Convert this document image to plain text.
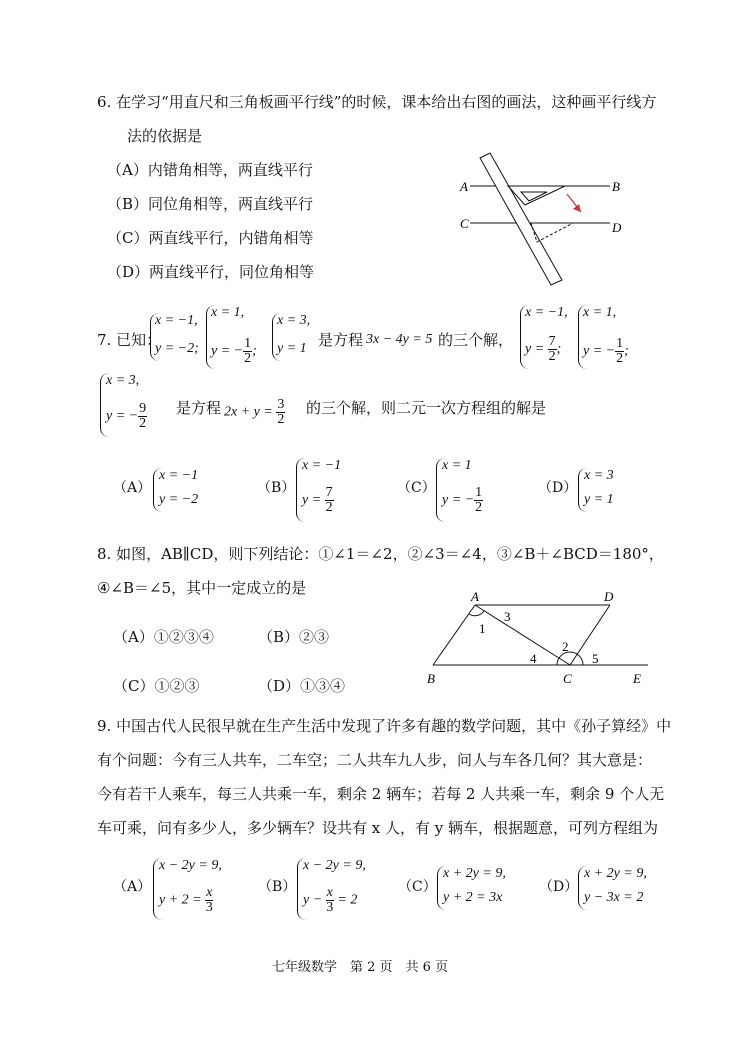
6. 在学习“用直尺和三角板画平行线”的时候，课本给出右图的画法，这种画平行线方
法的依据是
（A）内错角相等，两直线平行
（B）同位角相等，两直线平行
（C）两直线平行，内错角相等
（D）两直线平行，同位角相等
A	B
C	D
7. 已知：
x = −1,
y = −2;
x = 1,
y = − $\frac{1}{2}$ ;
x = 3,
y = 1 是方程 3x − 4y = 5 的三个解，
x = −1,
$y = \frac{7}{2}$ ;
x = 1,
y = − $\frac{1}{2}$ ;
x = 3,
y = − $\frac{9}{2}$ 是方程 $2x + y = \frac{3}{2}$ 的三个解，则二元一次方程组的解是
（A）
x = −1
y = −2
（B）
x = −1
$y = \frac{7}{2}$	（C）
x = 1
y = − $\frac{1}{2}$	（D）
x = 3
y = 1
8. 如图，AB∥CD，则下列结论：①∠1＝∠2，②∠3＝∠4，③∠B＋∠BCD＝180°，
④∠B＝∠5，其中一定成立的是
（A）①②③④	（B）②③
（C）①②③	（D）①③④
A	D
B	C	E
1
2
3
4	5
9. 中国古代人民很早就在生产生活中发现了许多有趣的数学问题，其中《孙子算经》中
有个问题：今有三人共车，二车空；二人共车九人步，问人与车各几何？其大意是：
今有若干人乘车，每三人共乘一车，剩余 2 辆车；若每 2 人共乘一车，剩余 9 个人无
车可乘，问有多少人，多少辆车？设共有 x 人，有 y 辆车，根据题意，可列方程组为
（A）
x − 2y = 9,
$y + 2 = \frac{x}{3}$	（B）
x − 2y = 9,
$y - \frac{x}{3} = 2$
（C）
x + 2y = 9,
y + 2 = 3x
（D）
x + 2y = 9,
y − 3x = 2
七年级数学　第 2 页　共 6 页
